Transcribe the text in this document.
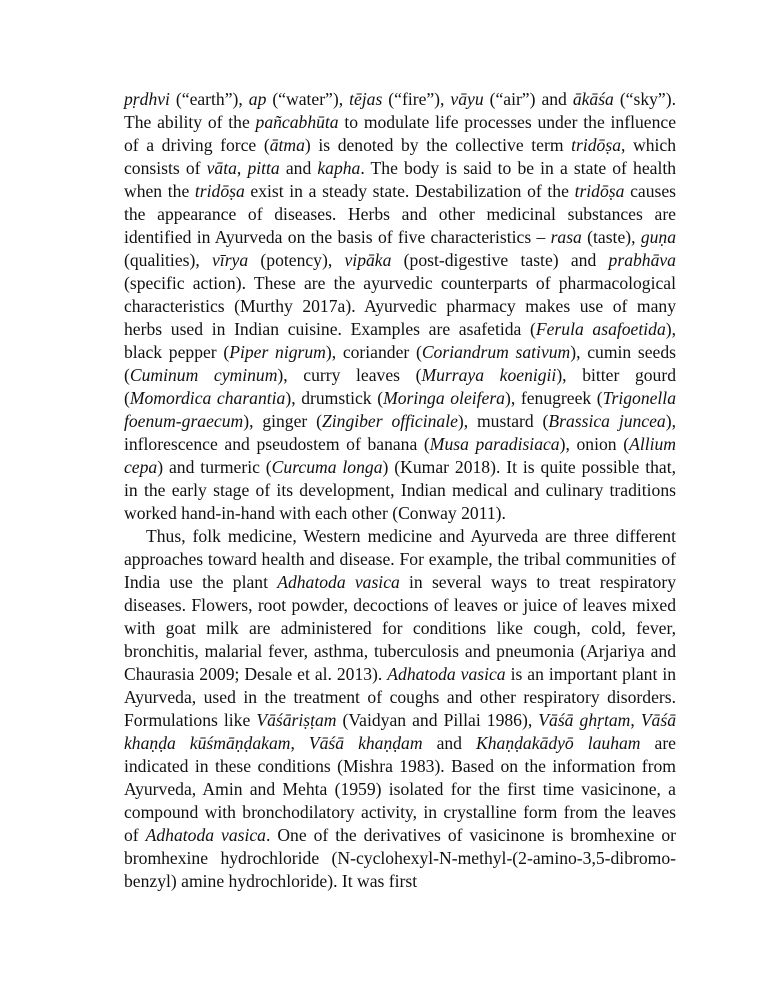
pṛdhvi (“earth”), ap (“water”), tējas (“fire”), vāyu (“air”) and ākāśa (“sky”). The ability of the pañcabhūta to modulate life processes under the influence of a driving force (ātma) is denoted by the collective term tridōṣa, which consists of vāta, pitta and kapha. The body is said to be in a state of health when the tridōṣa exist in a steady state. Destabilization of the tridōṣa causes the appearance of diseases. Herbs and other medicinal substances are identified in Ayurveda on the basis of five characteristics – rasa (taste), guṇa (qualities), vīrya (potency), vipāka (post-digestive taste) and prabhāva (specific action). These are the ayurvedic counterparts of pharmacological characteristics (Murthy 2017a). Ayurvedic pharmacy makes use of many herbs used in Indian cuisine. Examples are asafetida (Ferula asafoetida), black pepper (Piper nigrum), coriander (Coriandrum sativum), cumin seeds (Cuminum cyminum), curry leaves (Murraya koenigii), bitter gourd (Momordica charantia), drumstick (Moringa oleifera), fenugreek (Trigonella foenum-graecum), ginger (Zingiber officinale), mustard (Brassica juncea), inflorescence and pseudostem of banana (Musa paradisiaca), onion (Allium cepa) and turmeric (Curcuma longa) (Kumar 2018). It is quite possible that, in the early stage of its development, Indian medical and culinary traditions worked hand-in-hand with each other (Conway 2011).

Thus, folk medicine, Western medicine and Ayurveda are three different approaches toward health and disease. For example, the tribal communities of India use the plant Adhatoda vasica in several ways to treat respiratory diseases. Flowers, root powder, decoctions of leaves or juice of leaves mixed with goat milk are administered for conditions like cough, cold, fever, bronchitis, malarial fever, asthma, tuberculosis and pneumonia (Arjariya and Chaurasia 2009; Desale et al. 2013). Adhatoda vasica is an important plant in Ayurveda, used in the treatment of coughs and other respiratory disorders. Formulations like Vāśāriṣṭam (Vaidyan and Pillai 1986), Vāśā ghṛtam, Vāśā khaṇḍa kūśmāṇḍakam, Vāśā khaṇḍam and Khaṇḍakādyō lauham are indicated in these conditions (Mishra 1983). Based on the information from Ayurveda, Amin and Mehta (1959) isolated for the first time vasicinone, a compound with bronchodilatory activity, in crystalline form from the leaves of Adhatoda vasica. One of the derivatives of vasicinone is bromhexine or bromhexine hydrochloride (N-cyclohexyl-N-methyl-(2-amino-3,5-dibromo-benzyl) amine hydrochloride). It was first
